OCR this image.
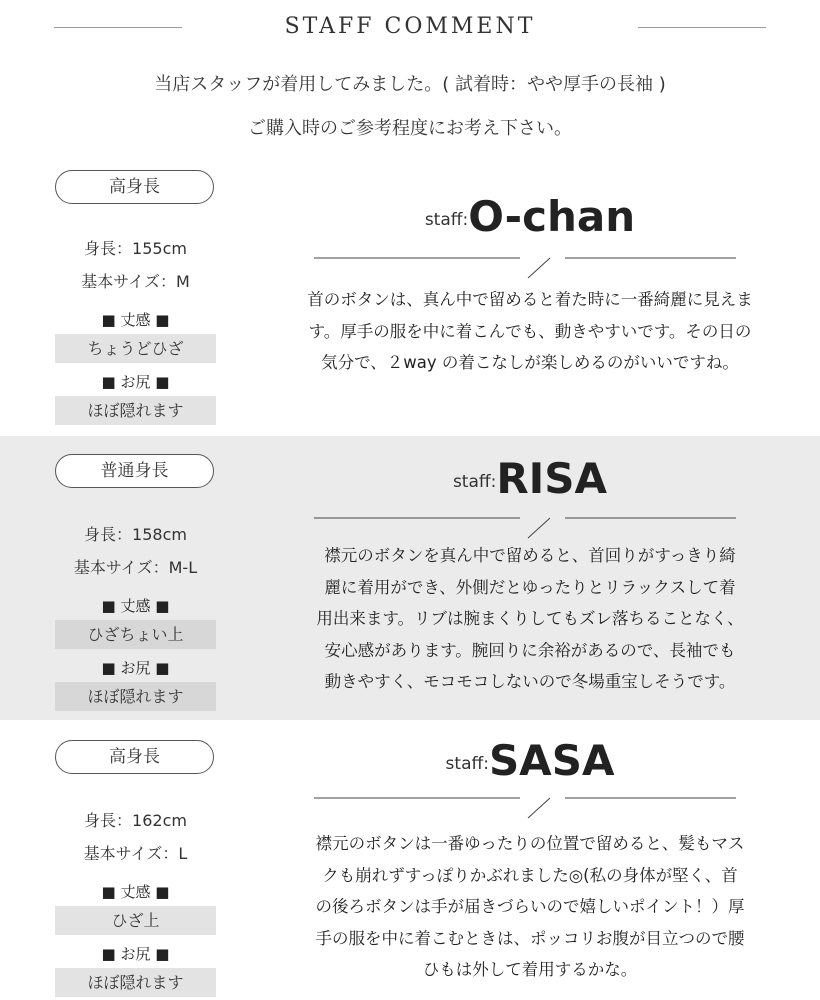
STAFF COMMENT
当店スタッフが着用してみました。( 試着時：やや厚手の長袖 )
ご購入時のご参考程度にお考え下さい。
高身長
身長：155cm
基本サイズ：M
■ 丈感 ■
ちょうどひざ
■ お尻 ■
ほぼ隠れます
staff:O-chan
首のボタンは、真ん中で留めると着た時に一番綺麗に見えま
す。厚手の服を中に着こんでも、動きやすいです。その日の
気分で、２way の着こなしが楽しめるのがいいですね。
普通身長
身長：158cm
基本サイズ：M-L
■ 丈感 ■
ひざちょい上
■ お尻 ■
ほぼ隠れます
staff:RISA
襟元のボタンを真ん中で留めると、首回りがすっきり綺
麗に着用ができ、外側だとゆったりとリラックスして着
用出来ます。リブは腕まくりしてもズレ落ちることなく、
安心感があります。腕回りに余裕があるので、長袖でも
動きやすく、モコモコしないので冬場重宝しそうです。
高身長
身長：162cm
基本サイズ：L
■ 丈感 ■
ひざ上
■ お尻 ■
ほぼ隠れます
staff:SASA
襟元のボタンは一番ゆったりの位置で留めると、髪もマス
クも崩れずすっぽりかぶれました◎(私の身体が堅く、首
の後ろボタンは手が届きづらいので嬉しいポイント！）厚
手の服を中に着こむときは、ポッコリお腹が目立つので腰
ひもは外して着用するかな。
